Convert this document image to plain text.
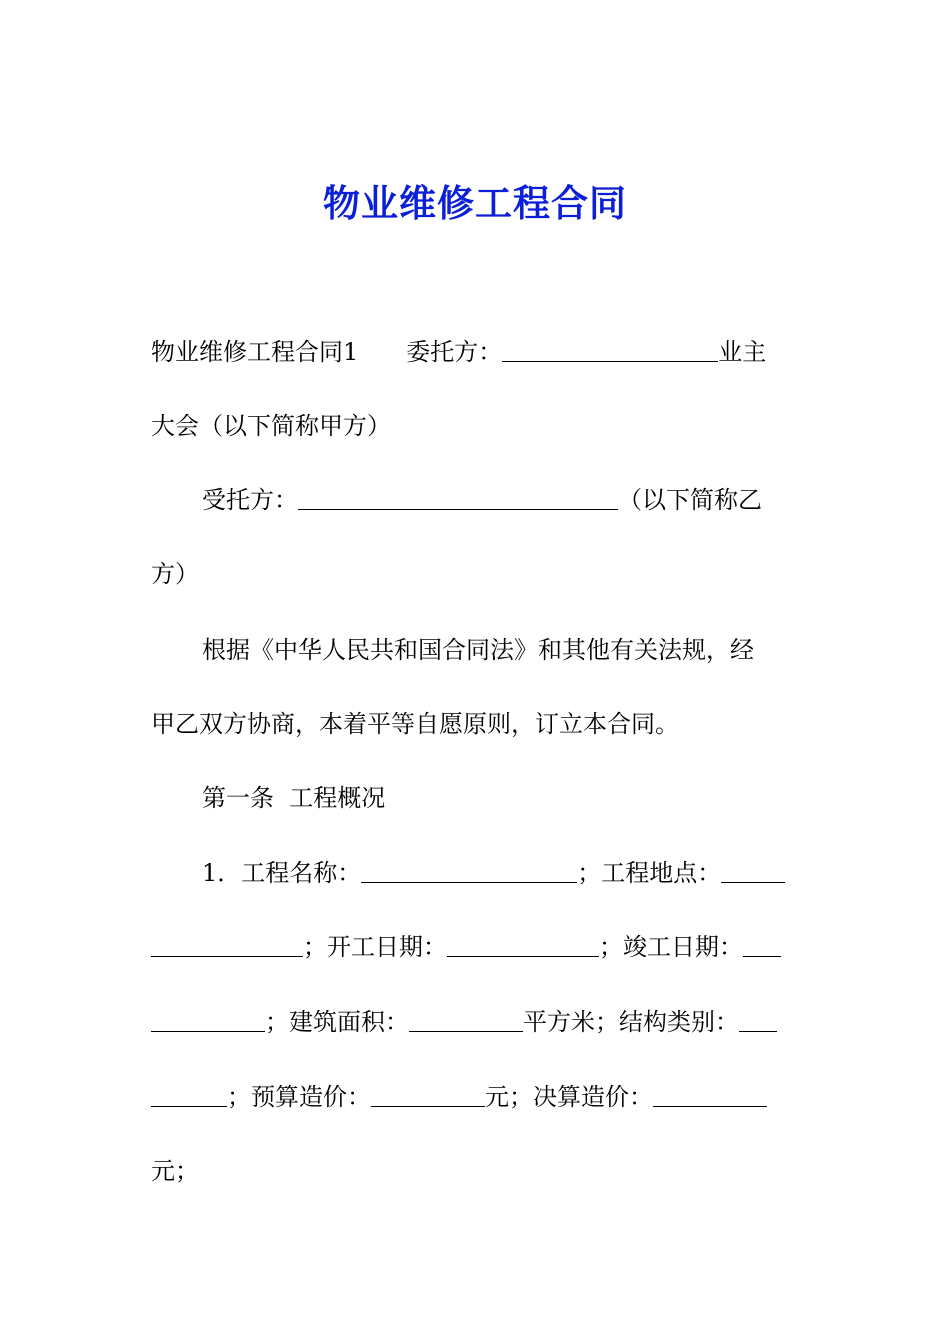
物业维修工程合同
物业维修工程合同1　　委托方：	业主
大会（以下简称甲方）
受托方：	（以下简称乙
方）
根据《中华人民共和国合同法》和其他有关法规，经
甲乙双方协商，本着平等自愿原则，订立本合同。
第一条  工程概况
1．工程名称：	；工程地点：
；开工日期：	；竣工日期：
；建筑面积：	平方米；结构类别：
；预算造价：	元；决算造价：
元；
